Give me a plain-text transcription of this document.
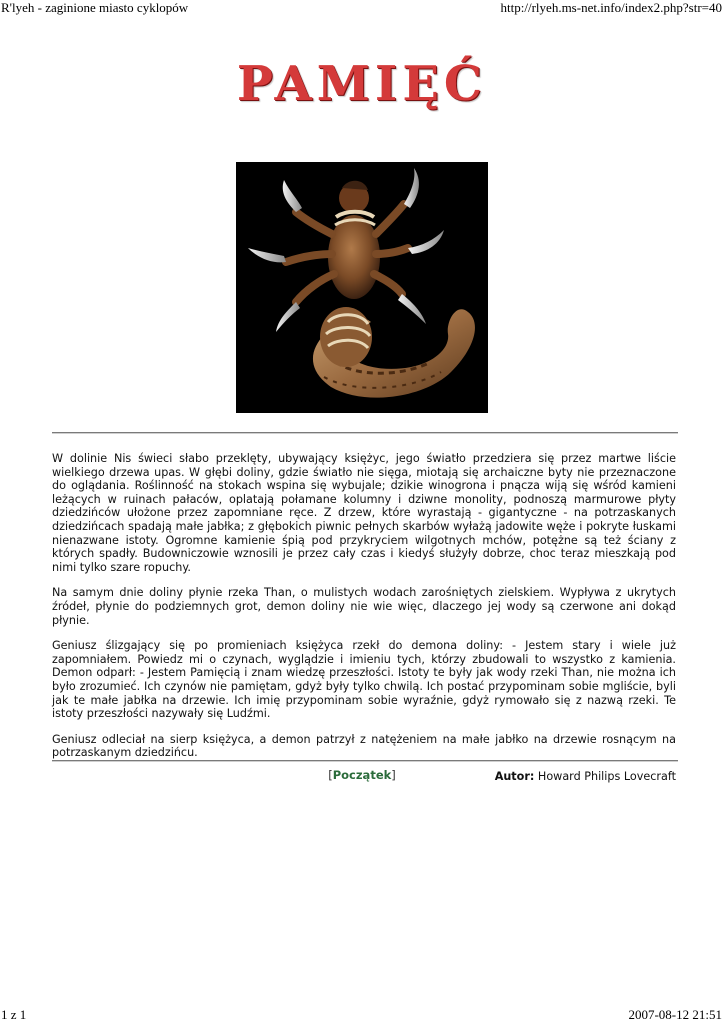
R'lyeh - zaginione miasto cyklopów	http://rlyeh.ms-net.info/index2.php?str=40
PAMIĘĆ

W dolinie Nis świeci słabo przeklęty, ubywający księżyc, jego światło przedziera się przez martwe liście wielkiego drzewa upas. W głębi doliny, gdzie światło nie sięga, miotają się archaiczne byty nie przeznaczone do oglądania. Roślinność na stokach wspina się wybujale; dzikie winogrona i pnącza wiją się wśród kamieni leżących w ruinach pałaców, oplatają połamane kolumny i dziwne monolity, podnoszą marmurowe płyty dziedzińców ułożone przez zapomniane ręce. Z drzew, które wyrastają - gigantyczne - na potrzaskanych dziedzińcach spadają małe jabłka; z głębokich piwnic pełnych skarbów wyłażą jadowite węże i pokryte łuskami nienazwane istoty. Ogromne kamienie śpią pod przykryciem wilgotnych mchów, potężne są też ściany z których spadły. Budowniczowie wznosili je przez cały czas i kiedyś służyły dobrze, choc teraz mieszkają pod nimi tylko szare ropuchy.

Na samym dnie doliny płynie rzeka Than, o mulistych wodach zarośniętych zielskiem. Wypływa z ukrytych źródeł, płynie do podziemnych grot, demon doliny nie wie więc, dlaczego jej wody są czerwone ani dokąd płynie.

Geniusz ślizgający się po promieniach księżyca rzekł do demona doliny: - Jestem stary i wiele już zapomniałem. Powiedz mi o czynach, wyglądzie i imieniu tych, którzy zbudowali to wszystko z kamienia. Demon odparł: - Jestem Pamięcią i znam wiedzę przeszłości. Istoty te były jak wody rzeki Than, nie można ich było zrozumieć. Ich czynów nie pamiętam, gdyż były tylko chwilą. Ich postać przypominam sobie mgliście, byli jak te małe jabłka na drzewie. Ich imię przypominam sobie wyraźnie, gdyż rymowało się z nazwą rzeki. Te istoty przeszłości nazywały się Ludźmi.

Geniusz odleciał na sierp księżyca, a demon patrzył z natężeniem na małe jabłko na drzewie rosnącym na potrzaskanym dziedzińcu.

Autor: Howard Philips Lovecraft
[Początek]
1 z 1	2007-08-12 21:51
